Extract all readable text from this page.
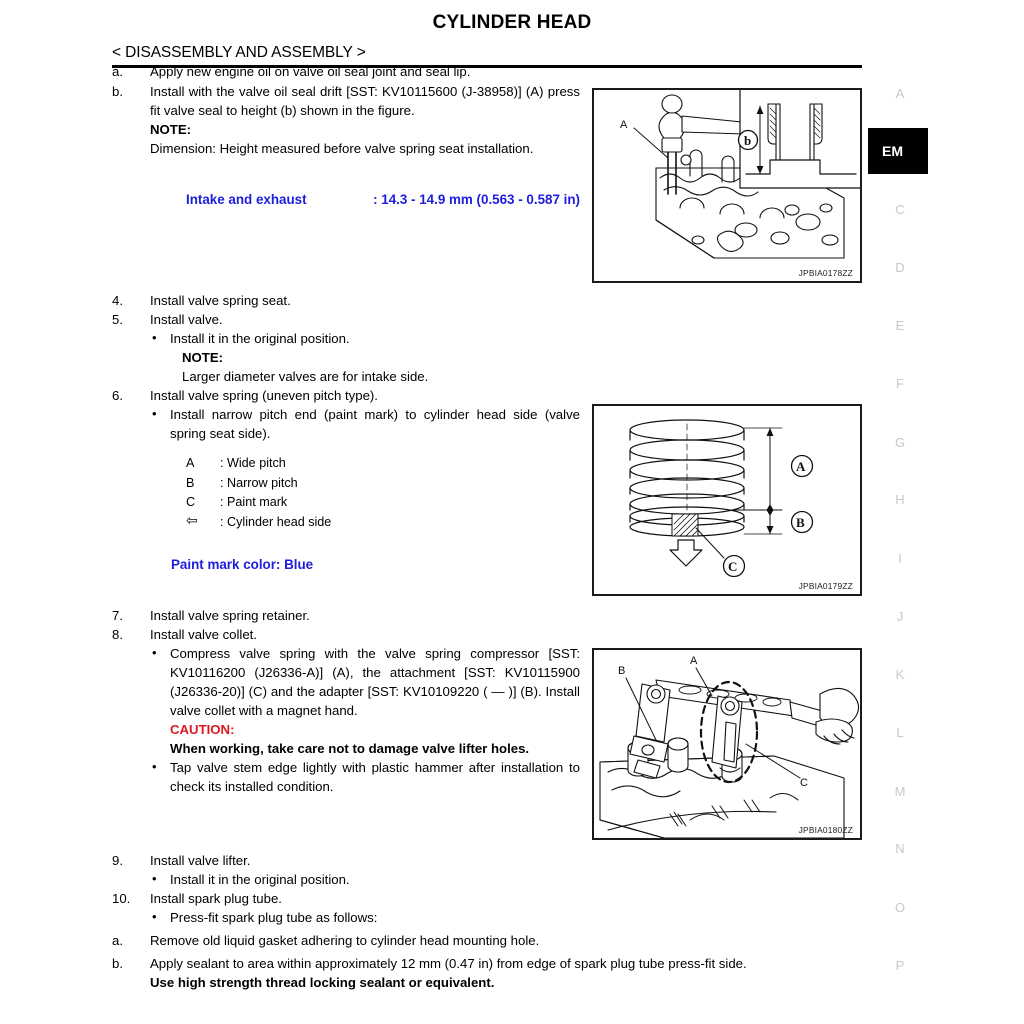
CYLINDER HEAD
< DISASSEMBLY AND ASSEMBLY >
a.	Apply new engine oil on valve oil seal joint and seal lip.
b.	Install with the valve oil seal drift [SST: KV10115600 (J-38958)] (A) press fit valve seal to height (b) shown in the figure.
NOTE:
Dimension: Height measured before valve spring seat installation.
Intake and exhaust	: 14.3 - 14.9 mm (0.563 - 0.587 in)
4.	Install valve spring seat.
5.	Install valve.
• Install it in the original position.
NOTE:
Larger diameter valves are for intake side.
6.	Install valve spring (uneven pitch type).
• Install narrow pitch end (paint mark) to cylinder head side (valve spring seat side).
A	: Wide pitch
B	: Narrow pitch
C	: Paint mark
⇦	: Cylinder head side
Paint mark color: Blue
7.	Install valve spring retainer.
8.	Install valve collet.
• Compress valve spring with the valve spring compressor [SST: KV10116200 (J26336-A)] (A), the attachment [SST: KV10115900 (J26336-20)] (C) and the adapter [SST: KV10109220 ( — )] (B). Install valve collet with a magnet hand.
CAUTION:
When working, take care not to damage valve lifter holes.
• Tap valve stem edge lightly with plastic hammer after installation to check its installed condition.
9.	Install valve lifter.
• Install it in the original position.
10.	Install spark plug tube.
• Press-fit spark plug tube as follows:
a.	Remove old liquid gasket adhering to cylinder head mounting hole.
b.	Apply sealant to area within approximately 12 mm (0.47 in) from edge of spark plug tube press-fit side.
Use high strength thread locking sealant or equivalent.
A
b
JPBIA0178ZZ
A
B
C
JPBIA0179ZZ
A
B
C
JPBIA0180ZZ
A
EM
C
D
E
F
G
H
I
J
K
L
M
N
O
P
